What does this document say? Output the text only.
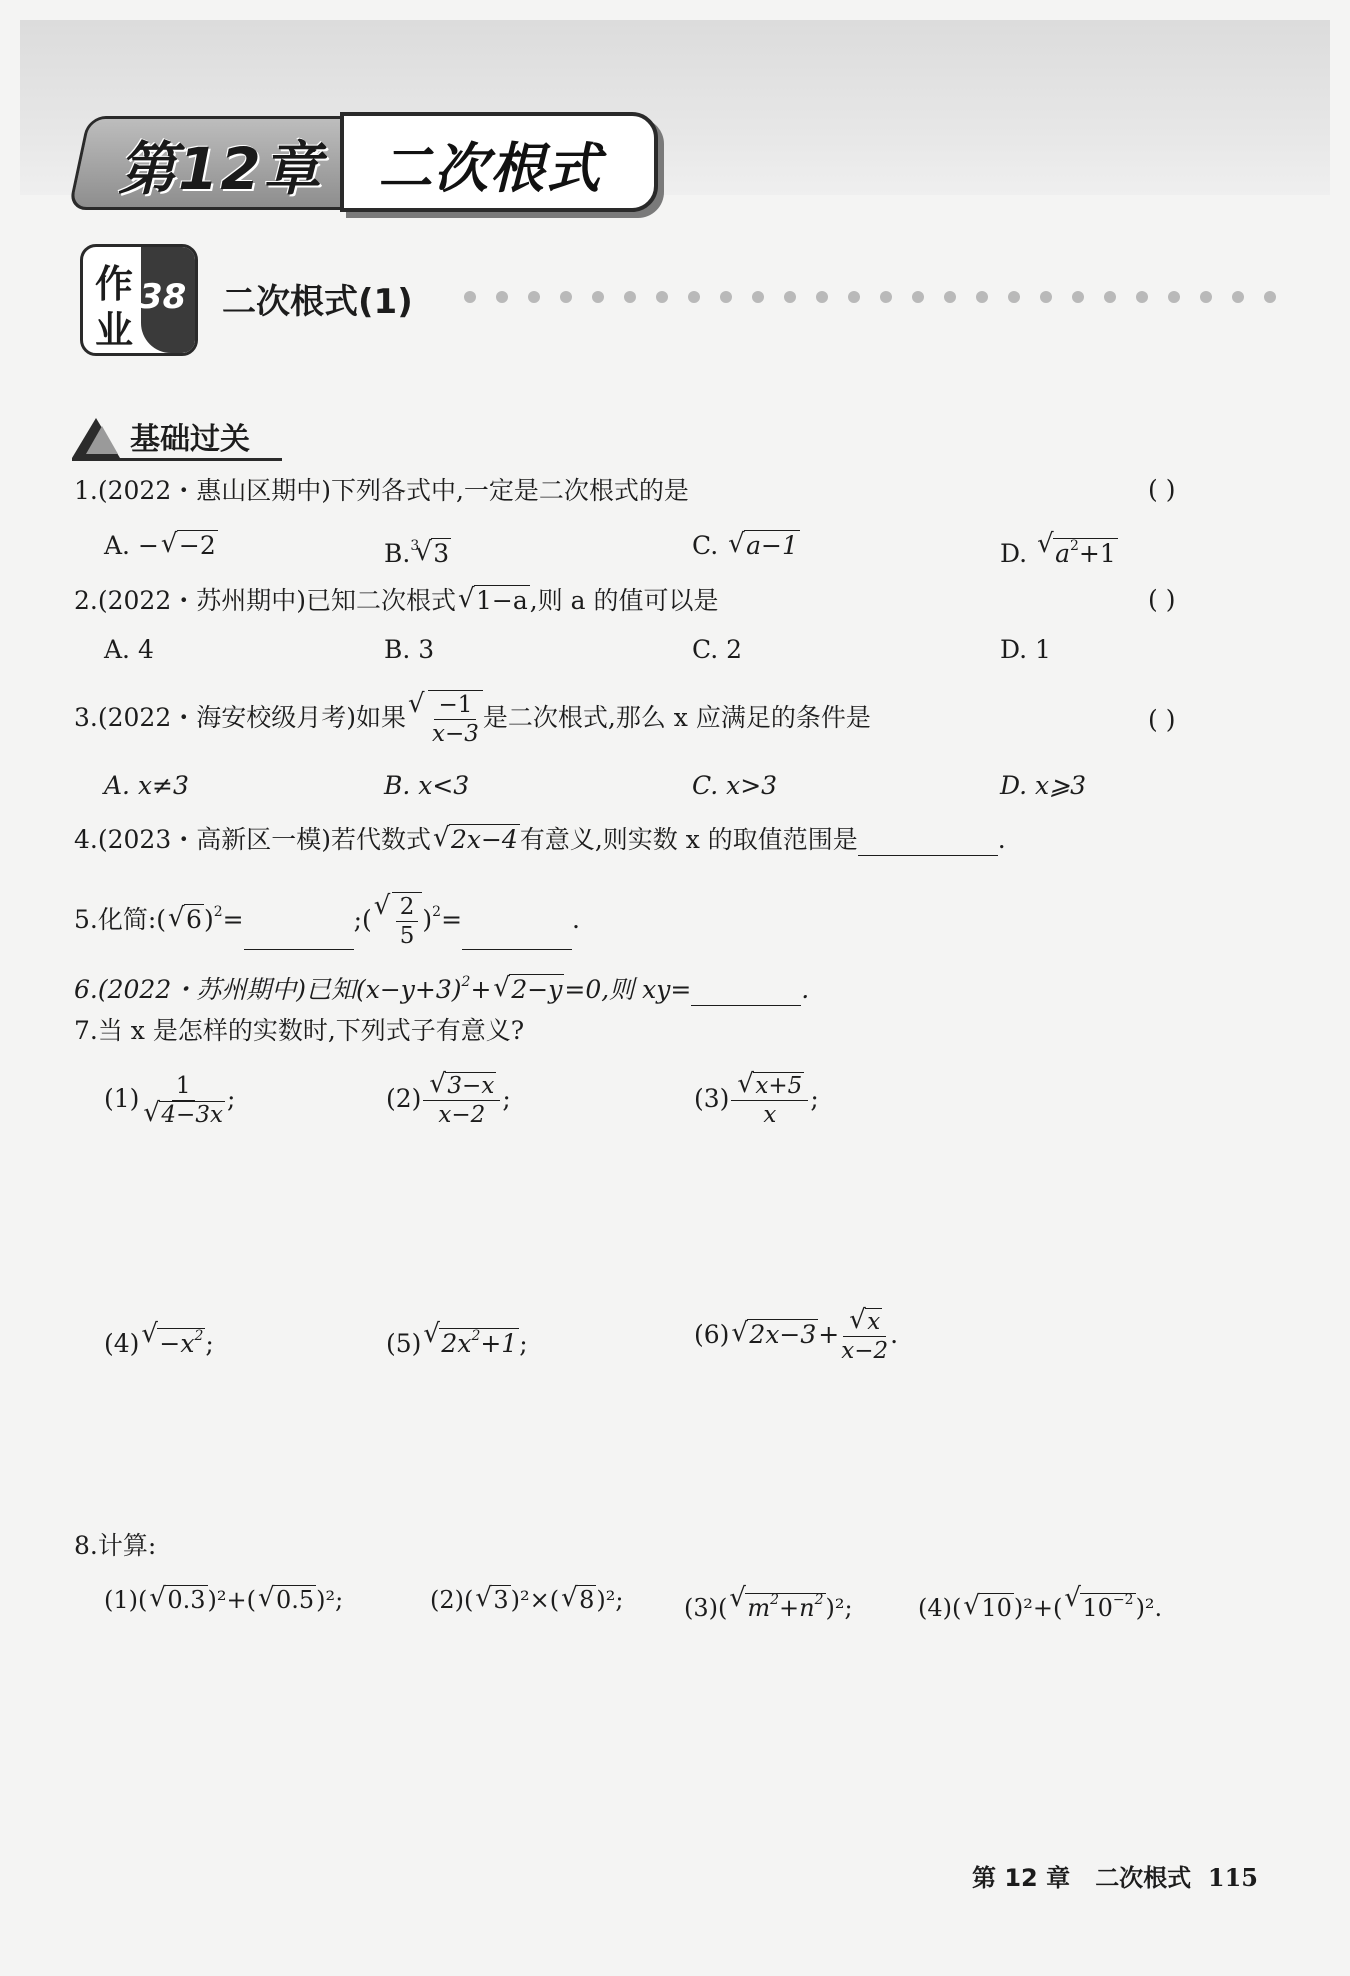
第12章 二次根式
作
业
38 二次根式(1)
基础过关
1.(2022・惠山区期中)下列各式中,一定是二次根式的是	( )
A. −√ −2	B.$^3$√ 3	C. √ a−1	D. √ $a^2+1$
2.(2022・苏州期中)已知二次根式√ 1−a,则 a 的值可以是	( )
A. 4	B. 3	C. 2	D. 1
3.(2022・海安校级月考)如果
√ $\frac{-1}{x-3}$ 是二次根式,那么 x 应满足的条件是	( )
A. x≠3	B. x<3	C. x>3	D. x⩾3
4.(2023・高新区一模)若代数式√ 2x−4有意义,则实数 x 的取值范围是	.
5.化简:(√ 6)$^2$=	;(
√ $\frac{2}{5} )^2=$	.
6.(2022・苏州期中)已知$(x-y+3)^2+√$ 2−y=0,则 xy=	.
7.当 x 是怎样的实数时,下列式子有意义?
(1) 1
√ 4−3x ;	(2)
√ $\frac{3-x}{x-2}$ ;	(3)
√ $\frac{x+5}{x}$ ;
$(4)√ -x^2$;	(5)√ $2x^2+1$;	(6)√ 2x−3+
√ $\frac{x}{x-2}$ .
8.计算:
(1)(√ 0.3)²+(√ 0.5)²;	(2)(√ 3)²×(√ 8)²;	(3)(√ $m^2+n^2)^2$;	(4)(√ 10)²+(√ $10^{-2})^2$.
第 12 章 二次根式 115
